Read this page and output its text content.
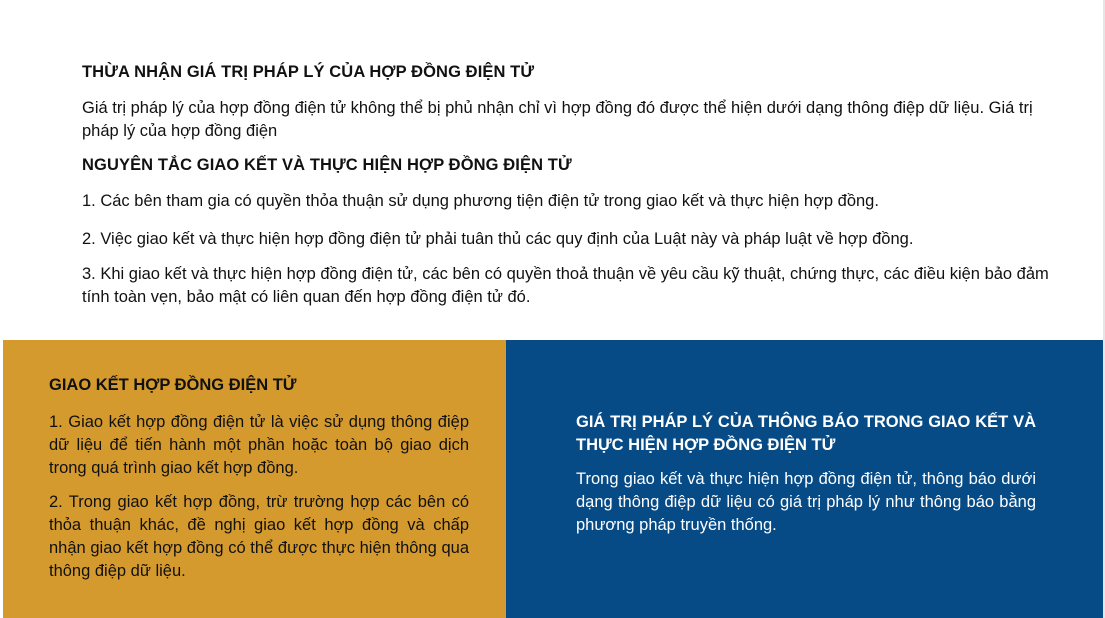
THỪA NHẬN GIÁ TRỊ PHÁP LÝ CỦA HỢP ĐỒNG ĐIỆN TỬ

Giá trị pháp lý của hợp đồng điện tử không thể bị phủ nhận chỉ vì hợp đồng đó được thể hiện dưới dạng thông điệp dữ liệu. Giá trị pháp lý của hợp đồng điện

NGUYÊN TẮC GIAO KẾT VÀ THỰC HIỆN HỢP ĐỒNG ĐIỆN TỬ

1. Các bên tham gia có quyền thỏa thuận sử dụng phương tiện điện tử trong giao kết và thực hiện hợp đồng.

2. Việc giao kết và thực hiện hợp đồng điện tử phải tuân thủ các quy định của Luật này và pháp luật về hợp đồng.

3. Khi giao kết và thực hiện hợp đồng điện tử, các bên có quyền thoả thuận về yêu cầu kỹ thuật, chứng thực, các điều kiện bảo đảm tính toàn vẹn, bảo mật có liên quan đến hợp đồng điện tử đó.

GIAO KẾT HỢP ĐỒNG ĐIỆN TỬ

1. Giao kết hợp đồng điện tử là việc sử dụng thông điệp dữ liệu để tiến hành một phần hoặc toàn bộ giao dịch trong quá trình giao kết hợp đồng.

2. Trong giao kết hợp đồng, trừ trường hợp các bên có thỏa thuận khác, đề nghị giao kết hợp đồng và chấp nhận giao kết hợp đồng có thể được thực hiện thông qua thông điệp dữ liệu.

GIÁ TRỊ PHÁP LÝ CỦA THÔNG BÁO TRONG GIAO KẾT VÀ THỰC HIỆN HỢP ĐỒNG ĐIỆN TỬ

Trong giao kết và thực hiện hợp đồng điện tử, thông báo dưới dạng thông điệp dữ liệu có giá trị pháp lý như thông báo bằng phương pháp truyền thống.
